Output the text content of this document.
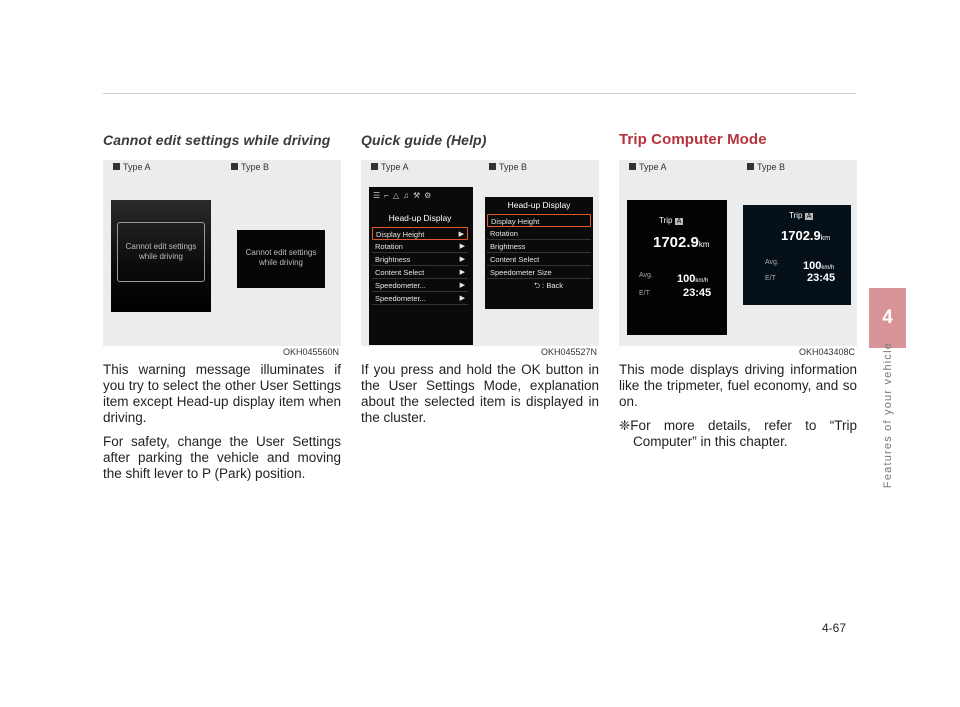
Cannot edit settings while driving
Type A	Type B
Cannot edit settings while driving	Cannot edit settings while driving
OKH045560N

This warning message illuminates if you try to select the other User Settings item except Head-up display item when driving.

For safety, change the User Settings after parking the vehicle and moving the shift lever to P (Park) position.

Quick guide (Help)
Type A	Type B
☰⌐△♫⚒⚙
Head-up Display
Display Height	▶
Rotation	▶
Brightness	▶
Content Select	▶
Speedometer...	▶
Speedometer...	▶
Head-up Display
Display Height
Rotation
Brightness
Content Select
Speedometer Size
⮌ : Back
OKH045527N

If you press and hold the OK button in the User Settings Mode, explanation about the selected item is displayed in the cluster.

Trip Computer Mode
Type A	Type B
Trip A
1702.9km
Avg. 100km/h
E/T	23:45
Trip A
1702.9km
Avg. 100km/h
E/T	23:45
OKH043408C

This mode displays driving information like the tripmeter, fuel economy, and so on.

❈For more details, refer to “Trip Computer” in this chapter.

4
Features of your vehicle
4-67
